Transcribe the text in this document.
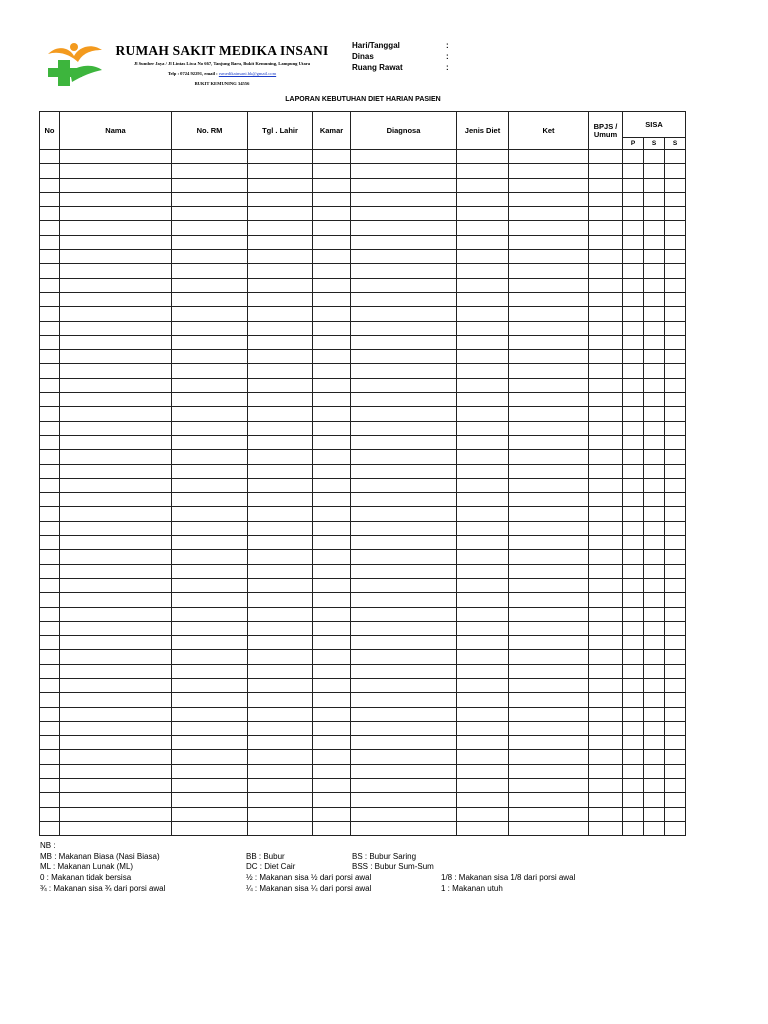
RUMAH SAKIT MEDIKA INSANI
Jl Sumber Jaya / Jl Lintas Liwa No 667, Tanjung Baru, Bukit Kemuning, Lampung Utara
Telp : 0724 92291, email : rsmedikainsani.bk@gmail.com
BUKIT KEMUNING 34556
Hari/Tanggal	:
Dinas	:
Ruang Rawat	:
LAPORAN KEBUTUHAN DIET HARIAN PASIEN
No	Nama	No. RM	Tgl . Lahir	Kamar	Diagnosa	Jenis Diet	Ket	BPJS /
Umum	SISA		
									P	S	S

NB :
MB : Makanan Biasa (Nasi Biasa)	BB : Bubur	BS : Bubur Saring
ML : Makanan Lunak (ML)	DC : Diet Cair	BSS : Bubur Sum-Sum
0 : Makanan tidak bersisa	½ : Makanan sisa ½ dari porsi awal	1/8 : Makanan sisa 1/8 dari porsi awal
¾ : Makanan sisa ¾ dari porsi awal	¼ : Makanan sisa ¼ dari porsi awal	1 : Makanan utuh
